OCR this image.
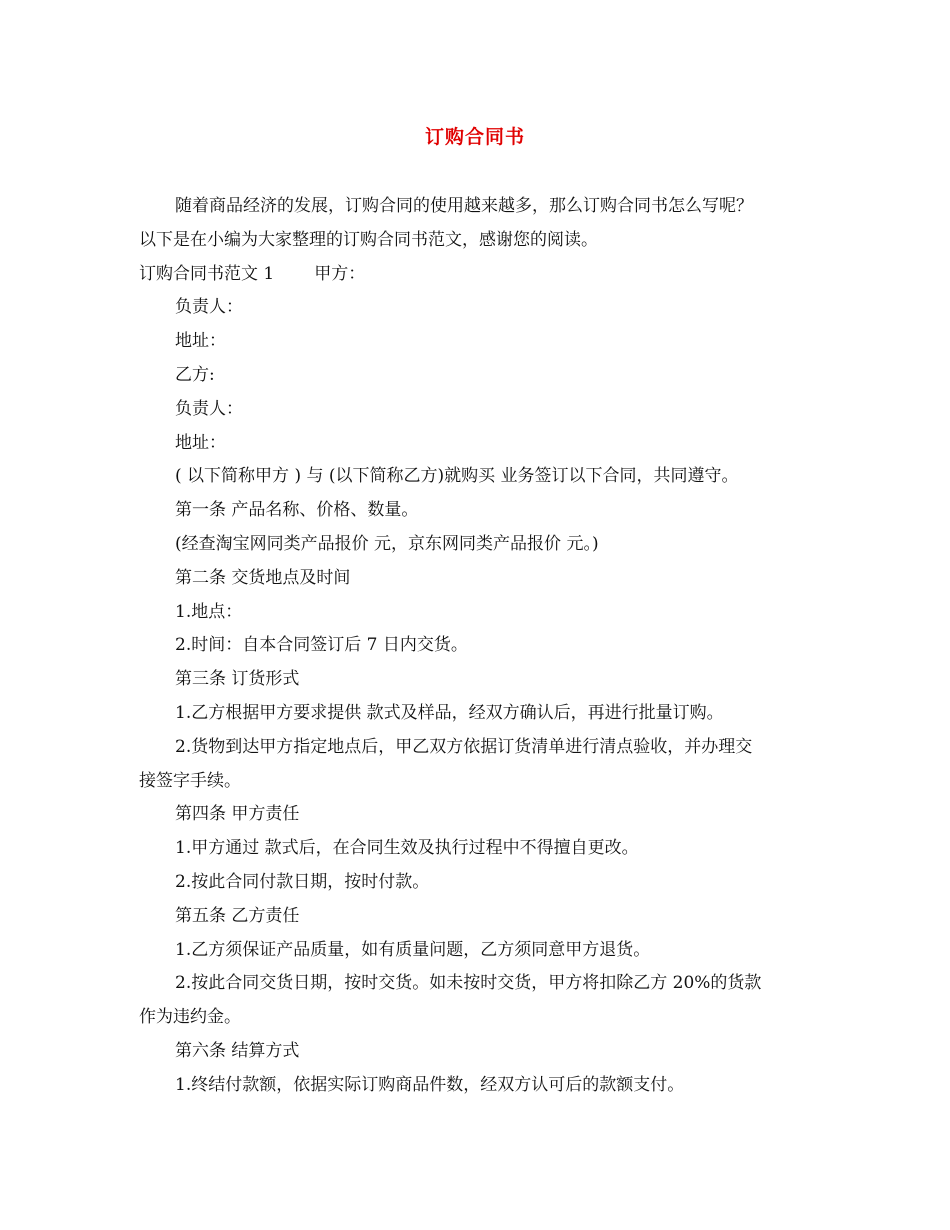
订购合同书
随着商品经济的发展，订购合同的使用越来越多，那么订购合同书怎么写呢？
以下是在小编为大家整理的订购合同书范文，感谢您的阅读。
订购合同书范文 1 甲方：
负责人：
地址：
乙方:
负责人：
地址：
( 以下简称甲方 ) 与 (以下简称乙方)就购买 业务签订以下合同，共同遵守。
第一条 产品名称、价格、数量。
(经查淘宝网同类产品报价 元，京东网同类产品报价 元。)
第二条 交货地点及时间
1.地点：
2.时间：自本合同签订后 7 日内交货。
第三条 订货形式
1.乙方根据甲方要求提供 款式及样品，经双方确认后，再进行批量订购。
2.货物到达甲方指定地点后，甲乙双方依据订货清单进行清点验收，并办理交
接签字手续。
第四条 甲方责任
1.甲方通过 款式后，在合同生效及执行过程中不得擅自更改。
2.按此合同付款日期，按时付款。
第五条 乙方责任
1.乙方须保证产品质量，如有质量问题，乙方须同意甲方退货。
2.按此合同交货日期，按时交货。如未按时交货，甲方将扣除乙方 20%的货款
作为违约金。
第六条 结算方式
1.终结付款额，依据实际订购商品件数，经双方认可后的款额支付。
